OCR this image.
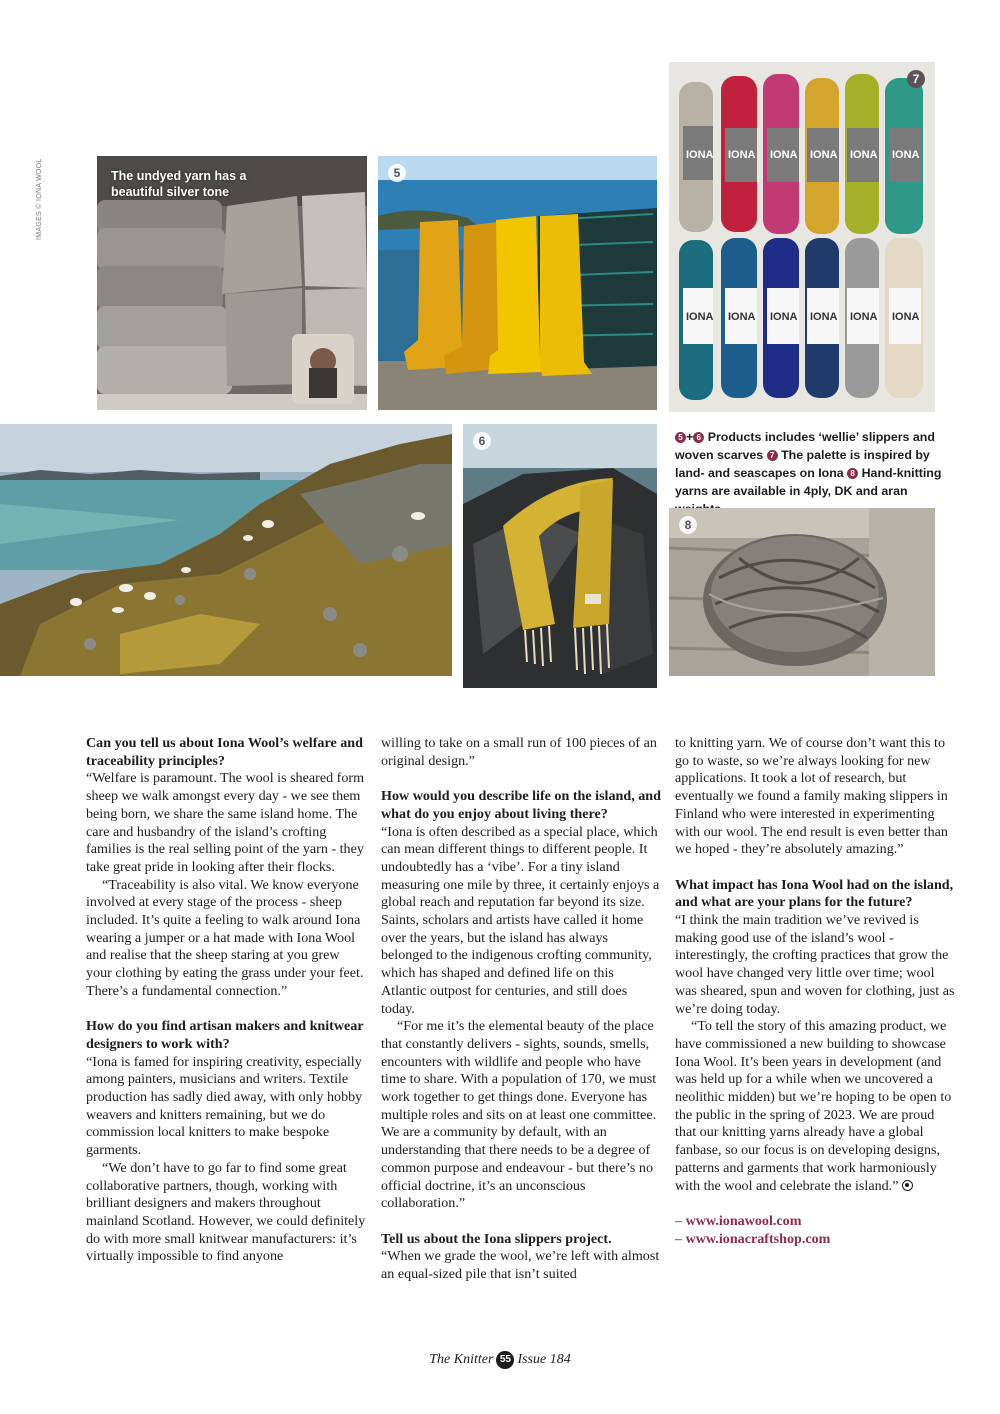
IMAGES © IONA WOOL	The undyed yarn has a beautiful silver tone
5
IONA IONA IONA IONA IONA IONA
IONA IONA IONA IONA IONA IONA
7
6	5 + 6 Products includes ‘wellie’ slippers and woven scarves 7 The palette is inspired by land- and seascapes on Iona 8 Hand-knitting yarns are available in 4ply, DK and aran
8

Can you tell us about Iona Wool’s welfare and traceability principles?

“Welfare is paramount. The wool is sheared form sheep we walk amongst every day - we see them being born, we share the same island home. The care and husbandry of the island’s crofting families is the real selling point of the yarn - they take great pride in looking after their flocks.

“Traceability is also vital. We know everyone involved at every stage of the process - sheep included. It’s quite a feeling to walk around Iona wearing a jumper or a hat made with Iona Wool and realise that the sheep staring at you grew your clothing by eating the grass under your feet. There’s a fundamental connection.”

How do you find artisan makers and knitwear designers to work with?

“Iona is famed for inspiring creativity, especially among painters, musicians and writers. Textile production has sadly died away, with only hobby weavers and knitters remaining, but we do commission local knitters to make bespoke garments.

“We don’t have to go far to find some great collaborative partners, though, working with brilliant designers and makers throughout mainland Scotland. However, we could definitely do with more small knitwear manufacturers: it’s virtually impossible to find anyone

willing to take on a small run of 100 pieces of an original design.”

How would you describe life on the island, and what do you enjoy about living there?

“Iona is often described as a special place, which can mean different things to different people. It undoubtedly has a ‘vibe’. For a tiny island measuring one mile by three, it certainly enjoys a global reach and reputation far beyond its size. Saints, scholars and artists have called it home over the years, but the island has always belonged to the indigenous crofting community, which has shaped and defined life on this Atlantic outpost for centuries, and still does today.

“For me it’s the elemental beauty of the place that constantly delivers - sights, sounds, smells, encounters with wildlife and people who have time to share. With a population of 170, we must work together to get things done. Everyone has multiple roles and sits on at least one committee. We are a community by default, with an understanding that there needs to be a degree of common purpose and endeavour - but there’s no official doctrine, it’s an unconscious collaboration.”

Tell us about the Iona slippers project.

“When we grade the wool, we’re left with almost an equal-sized pile that isn’t suited

to knitting yarn. We of course don’t want this to go to waste, so we’re always looking for new applications. It took a lot of research, but eventually we found a family making slippers in Finland who were interested in experimenting with our wool. The end result is even better than we hoped - they’re absolutely amazing.”

What impact has Iona Wool had on the island, and what are your plans for the future?

“I think the main tradition we’ve revived is making good use of the island’s wool - interestingly, the crofting practices that grow the wool have changed very little over time; wool was sheared, spun and woven for clothing, just as we’re doing today.

“To tell the story of this amazing product, we have commissioned a new building to showcase Iona Wool. It’s been years in development (and was held up for a while when we uncovered a neolithic midden) but we’re hoping to be open to the public in the spring of 2023. We are proud that our knitting yarns already have a global fanbase, so our focus is on developing designs, patterns and garments that work harmoniously with the wool and celebrate the island.”

– www.ionawool.com

– www.ionacraftshop.com

The Knitter 55 Issue 184
